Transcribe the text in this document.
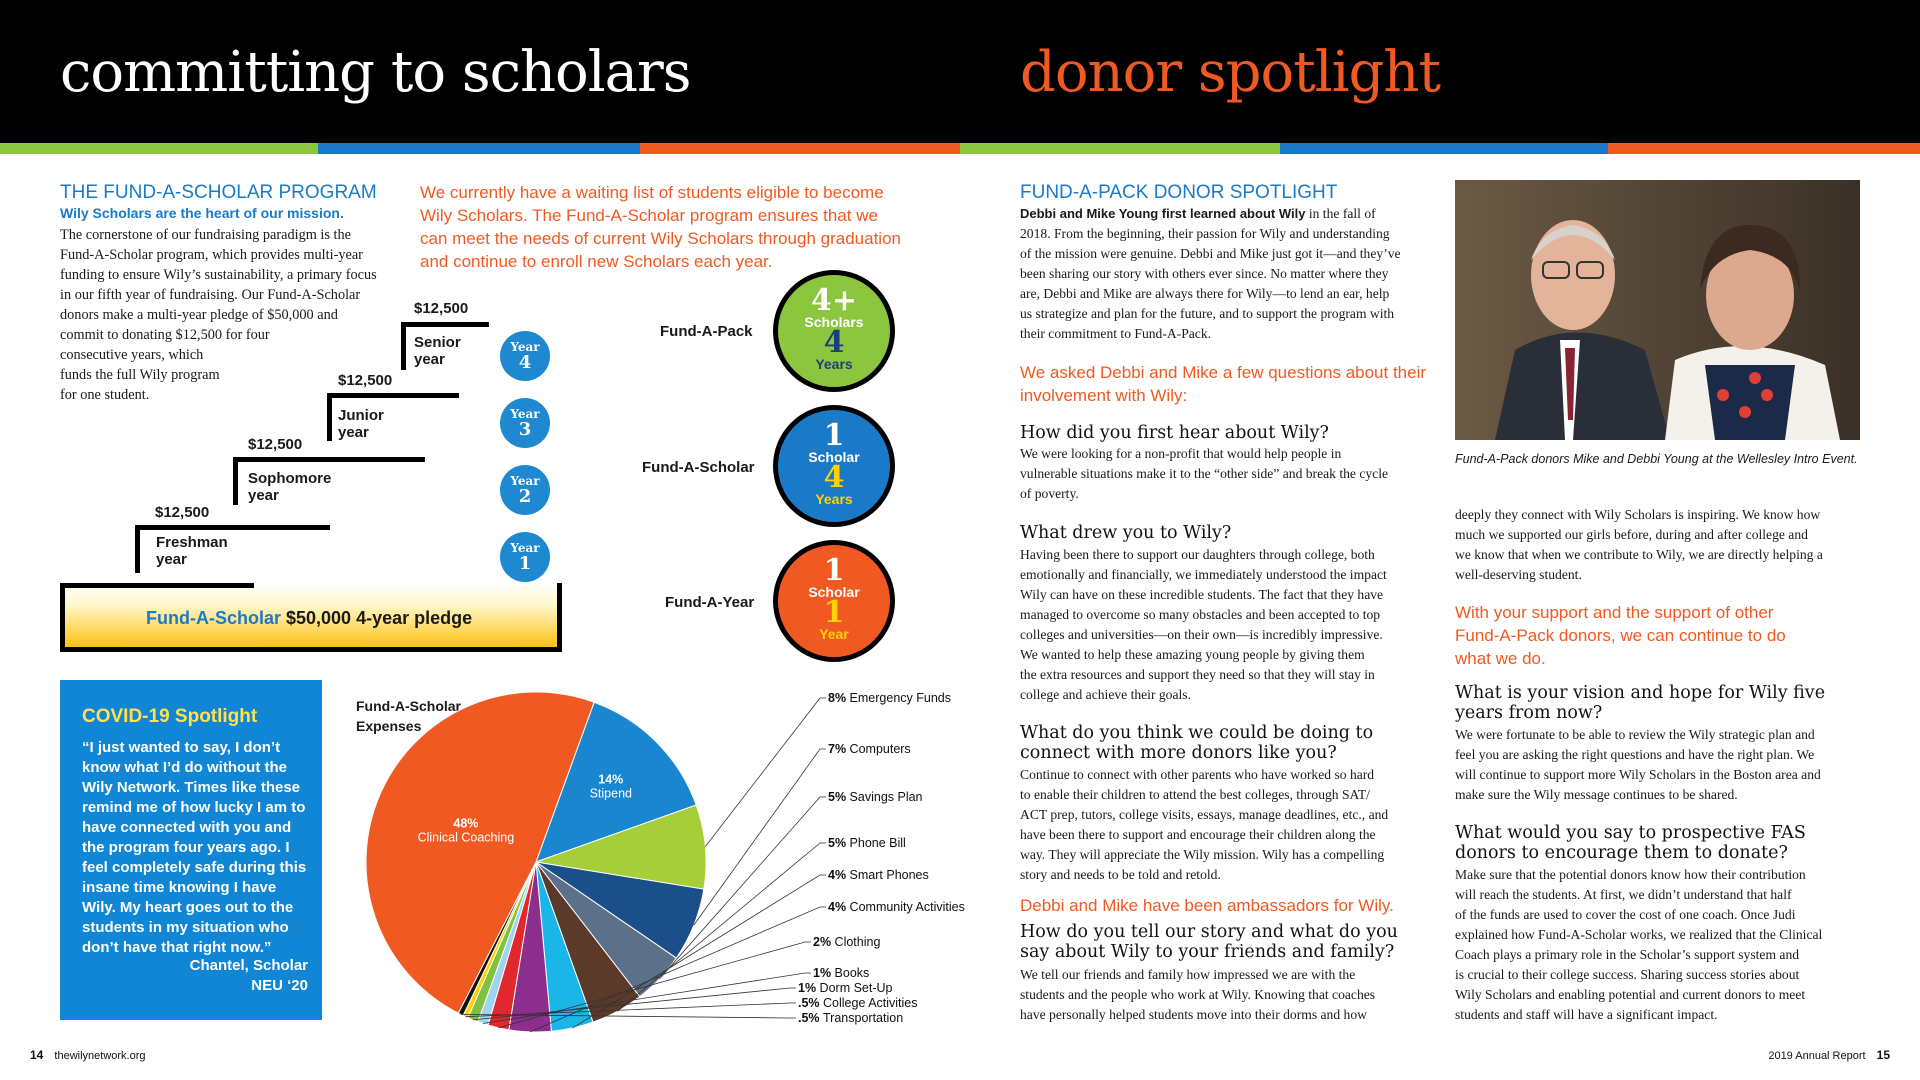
committing to scholars	donor spotlight
THE FUND-A-SCHOLAR PROGRAM
Wily Scholars are the heart of our mission.
The cornerstone of our fundraising paradigm is the
Fund-A-Scholar program, which provides multi-year
funding to ensure Wily’s sustainability, a primary focus
in our fifth year of fundraising. Our Fund-A-Scholar
donors make a multi-year pledge of $50,000 and
commit to donating $12,500 for four
consecutive years, which
funds the full Wily program
for one student.
We currently have a waiting list of students eligible to become
Wily Scholars. The Fund-A-Scholar program ensures that we
can meet the needs of current Wily Scholars through graduation
and continue to enroll new Scholars each year.
$12,500
Freshman
year
$12,500
Sophomore
year
$12,500
Junior
year
$12,500
Senior
year
Year
4
Year
3
Year
2
Year
1
Fund-A-Scholar $50,000 4-year pledge
Fund-A-Pack
4+
Scholars
4
Years
Fund-A-Scholar
1
Scholar
4
Years
Fund-A-Year
1
Scholar
1
Year
COVID-19 Spotlight
“I just wanted to say, I don’t know what I’d do without the Wily Network. Times like these remind me of how lucky I am to have connected with you and the program four years ago. I feel completely safe during this insane time knowing I have Wily. My heart goes out to the students in my situation who don’t have that right now.”
Chantel, Scholar
NEU ‘20
Fund-A-Scholar Expenses
14%
Stipend
8% Emergency Funds
7% Computers
5% Savings Plan
5% Phone Bill
4% Smart Phones
4% Community Activities
2% Clothing
1% Books
1% Dorm Set-Up
.5% College Activities
.5% Transportation
48%
Clinical Coaching
14 thewilynetwork.org	2019 Annual Report 15
FUND-A-PACK DONOR SPOTLIGHT
Debbi and Mike Young first learned about Wily in the fall of
2018. From the beginning, their passion for Wily and understanding
of the mission were genuine. Debbi and Mike just got it—and they’ve
been sharing our story with others ever since. No matter where they
are, Debbi and Mike are always there for Wily—to lend an ear, help
us strategize and plan for the future, and to support the program with
their commitment to Fund-A-Pack.
We asked Debbi and Mike a few questions about their
involvement with Wily:
How did you first hear about Wily?
We were looking for a non-profit that would help people in
vulnerable situations make it to the “other side” and break the cycle
of poverty.
What drew you to Wily?
Having been there to support our daughters through college, both
emotionally and financially, we immediately understood the impact
Wily can have on these incredible students. The fact that they have
managed to overcome so many obstacles and been accepted to top
colleges and universities—on their own—is incredibly impressive.
We wanted to help these amazing young people by giving them
the extra resources and support they need so that they will stay in
college and achieve their goals.
What do you think we could be doing to
connect with more donors like you?
Continue to connect with other parents who have worked so hard
to enable their children to attend the best colleges, through SAT/
ACT prep, tutors, college visits, essays, manage deadlines, etc., and
have been there to support and encourage their children along the
way. They will appreciate the Wily mission. Wily has a compelling
story and needs to be told and retold.
Debbi and Mike have been ambassadors for Wily.
How do you tell our story and what do you
say about Wily to your friends and family?
We tell our friends and family how impressed we are with the
students and the people who work at Wily. Knowing that coaches
have personally helped students move into their dorms and how
Fund-A-Pack donors Mike and Debbi Young at the Wellesley Intro Event.
deeply they connect with Wily Scholars is inspiring. We know how
much we supported our girls before, during and after college and
we know that when we contribute to Wily, we are directly helping a
well-deserving student.
With your support and the support of other
Fund-A-Pack donors, we can continue to do
what we do.
What is your vision and hope for Wily five
years from now?
We were fortunate to be able to review the Wily strategic plan and
feel you are asking the right questions and have the right plan. We
will continue to support more Wily Scholars in the Boston area and
make sure the Wily message continues to be shared.
What would you say to prospective FAS
donors to encourage them to donate?
Make sure that the potential donors know how their contribution
will reach the students. At first, we didn’t understand that half
of the funds are used to cover the cost of one coach. Once Judi
explained how Fund-A-Scholar works, we realized that the Clinical
Coach plays a primary role in the Scholar’s support system and
is crucial to their college success. Sharing success stories about
Wily Scholars and enabling potential and current donors to meet
students and staff will have a significant impact.
